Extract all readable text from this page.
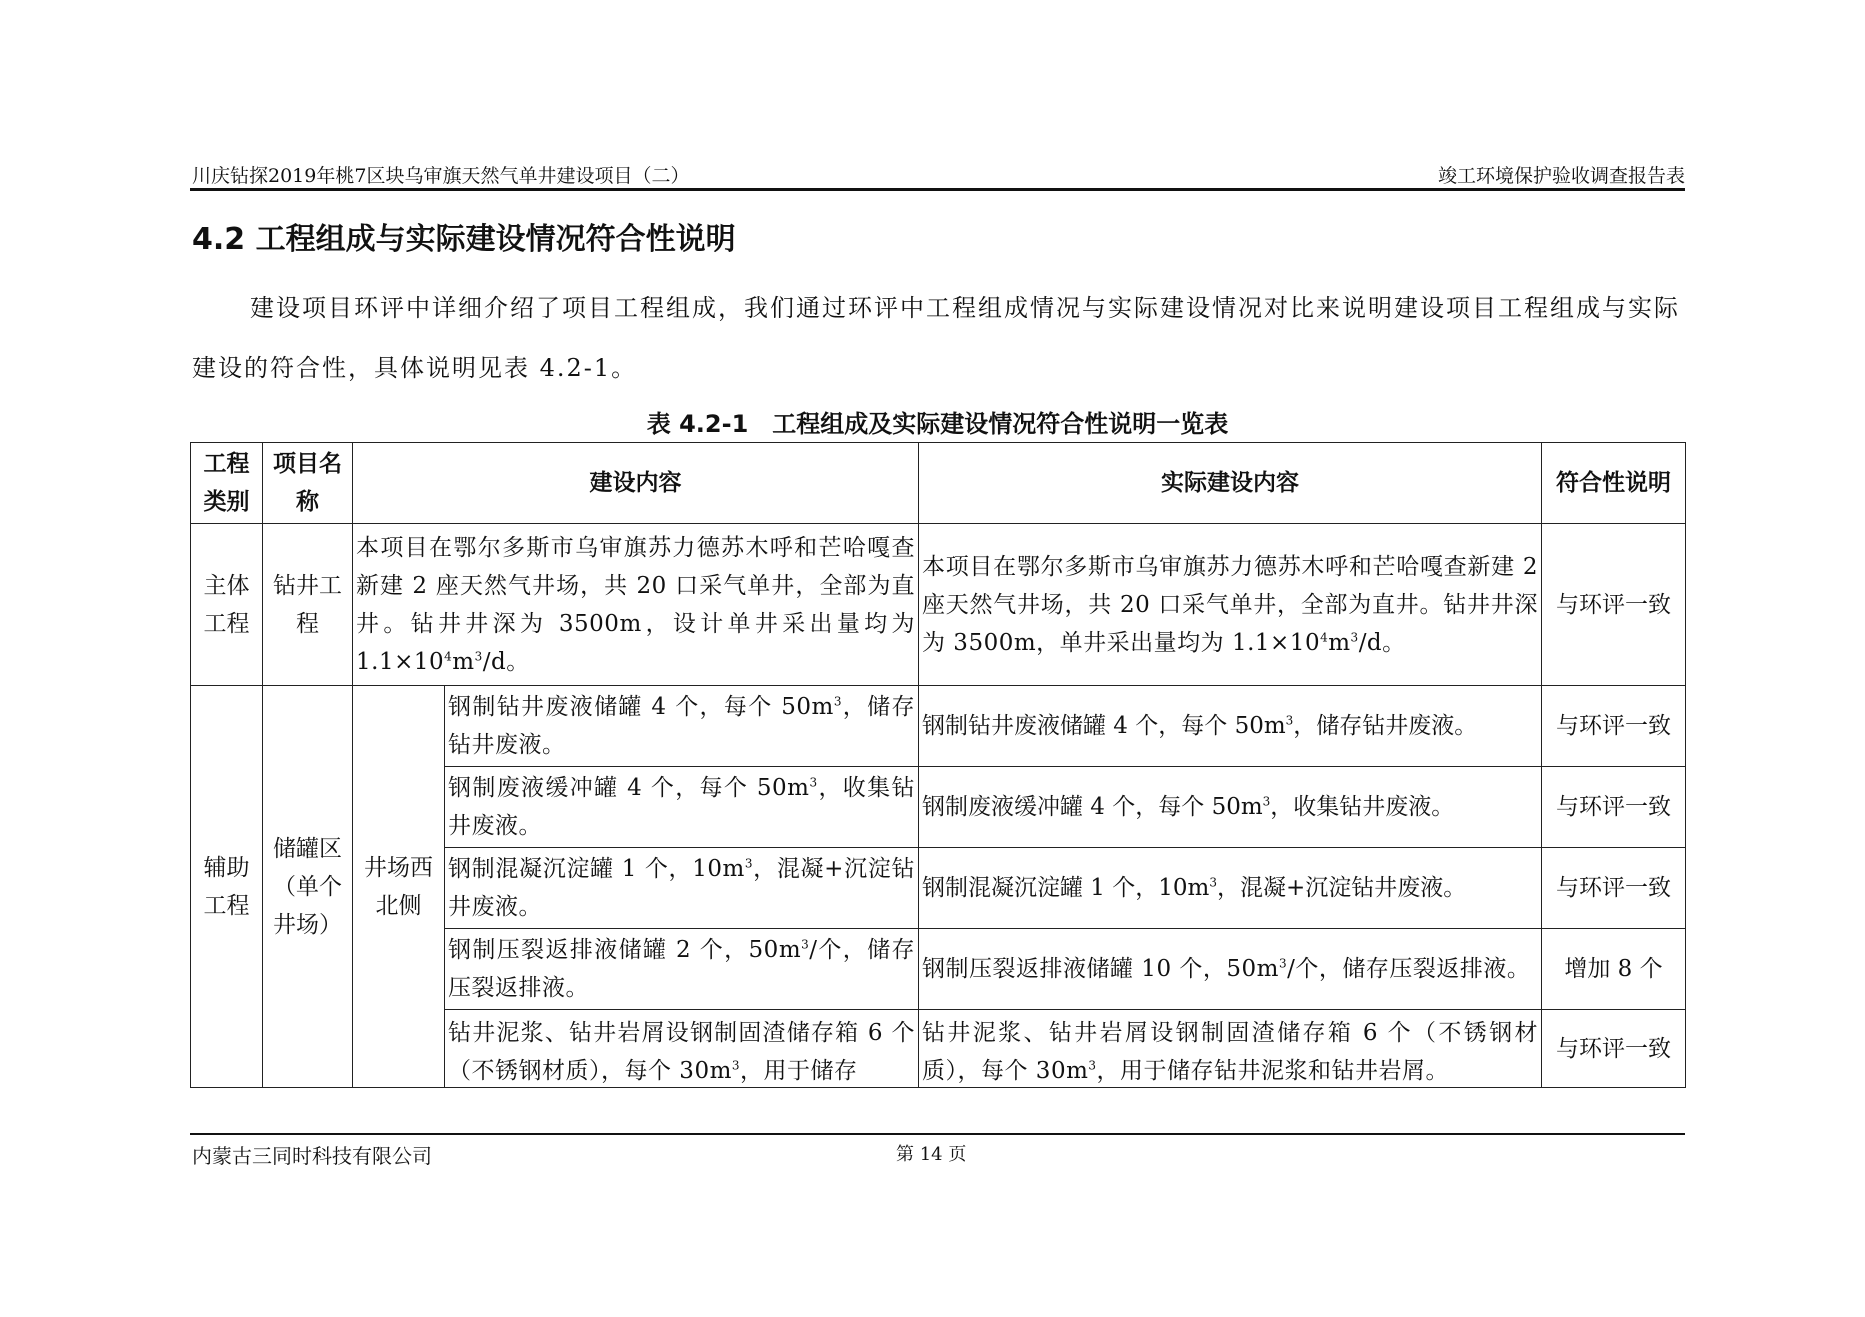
川庆钻探2019年桃7区块乌审旗天然气单井建设项目（二）	竣工环境保护验收调查报告表
4.2 工程组成与实际建设情况符合性说明

建设项目环评中详细介绍了项目工程组成，我们通过环评中工程组成情况与实际建设情况对比来说明建设项目工程组成与实际建设的符合性，具体说明见表 4.2-1。

表 4.2-1　工程组成及实际建设情况符合性说明一览表
工程类别	项目名称	建设内容		实际建设内容	符合性说明
主体工程	钻井工程	本项目在鄂尔多斯市乌审旗苏力德苏木呼和芒哈嘎查新建 2 座天然气井场，共 20 口采气单井，全部为直井。钻井井深为 3500m，设计单井采出量均为 $1.1\times 10^4m^3/d$。		本项目在鄂尔多斯市乌审旗苏力德苏木呼和芒哈嘎查新建 2 座天然气井场，共 20 口采气单井，全部为直井。钻井井深为 3500m，单井采出量均为 $1.1\times 10^4m^3/d$。	与环评一致
辅助工程	储罐区（单个井场）	井场西北侧	钢制钻井废液储罐 4 个，每个 $50m^3$，储存钻井废液。	钢制钻井废液储罐 4 个，每个 $50m^3$，储存钻井废液。	与环评一致
			钢制废液缓冲罐 4 个，每个 $50m^3$，收集钻井废液。	钢制废液缓冲罐 4 个，每个 $50m^3$，收集钻井废液。	与环评一致
			钢制混凝沉淀罐 1 个，$10m^3$，混凝+沉淀钻井废液。	钢制混凝沉淀罐 1 个，$10m^3$，混凝+沉淀钻井废液。	与环评一致
			钢制压裂返排液储罐 2 个，$50m^3/$个，储存压裂返排液。	钢制压裂返排液储罐 10 个，$50m^3/$个，储存压裂返排液。	增加 8 个

			钻井泥浆、钻井岩屑设钢制固渣储存箱 6 个（不锈钢材质），每个 $30m^3$，用于储存	钻井泥浆、钻井岩屑设钢制固渣储存箱 6 个（不锈钢材质），每个 $30m^3$，用于储存钻井泥浆和钻井岩屑。	与环评一致
内蒙古三同时科技有限公司	第 14 页
